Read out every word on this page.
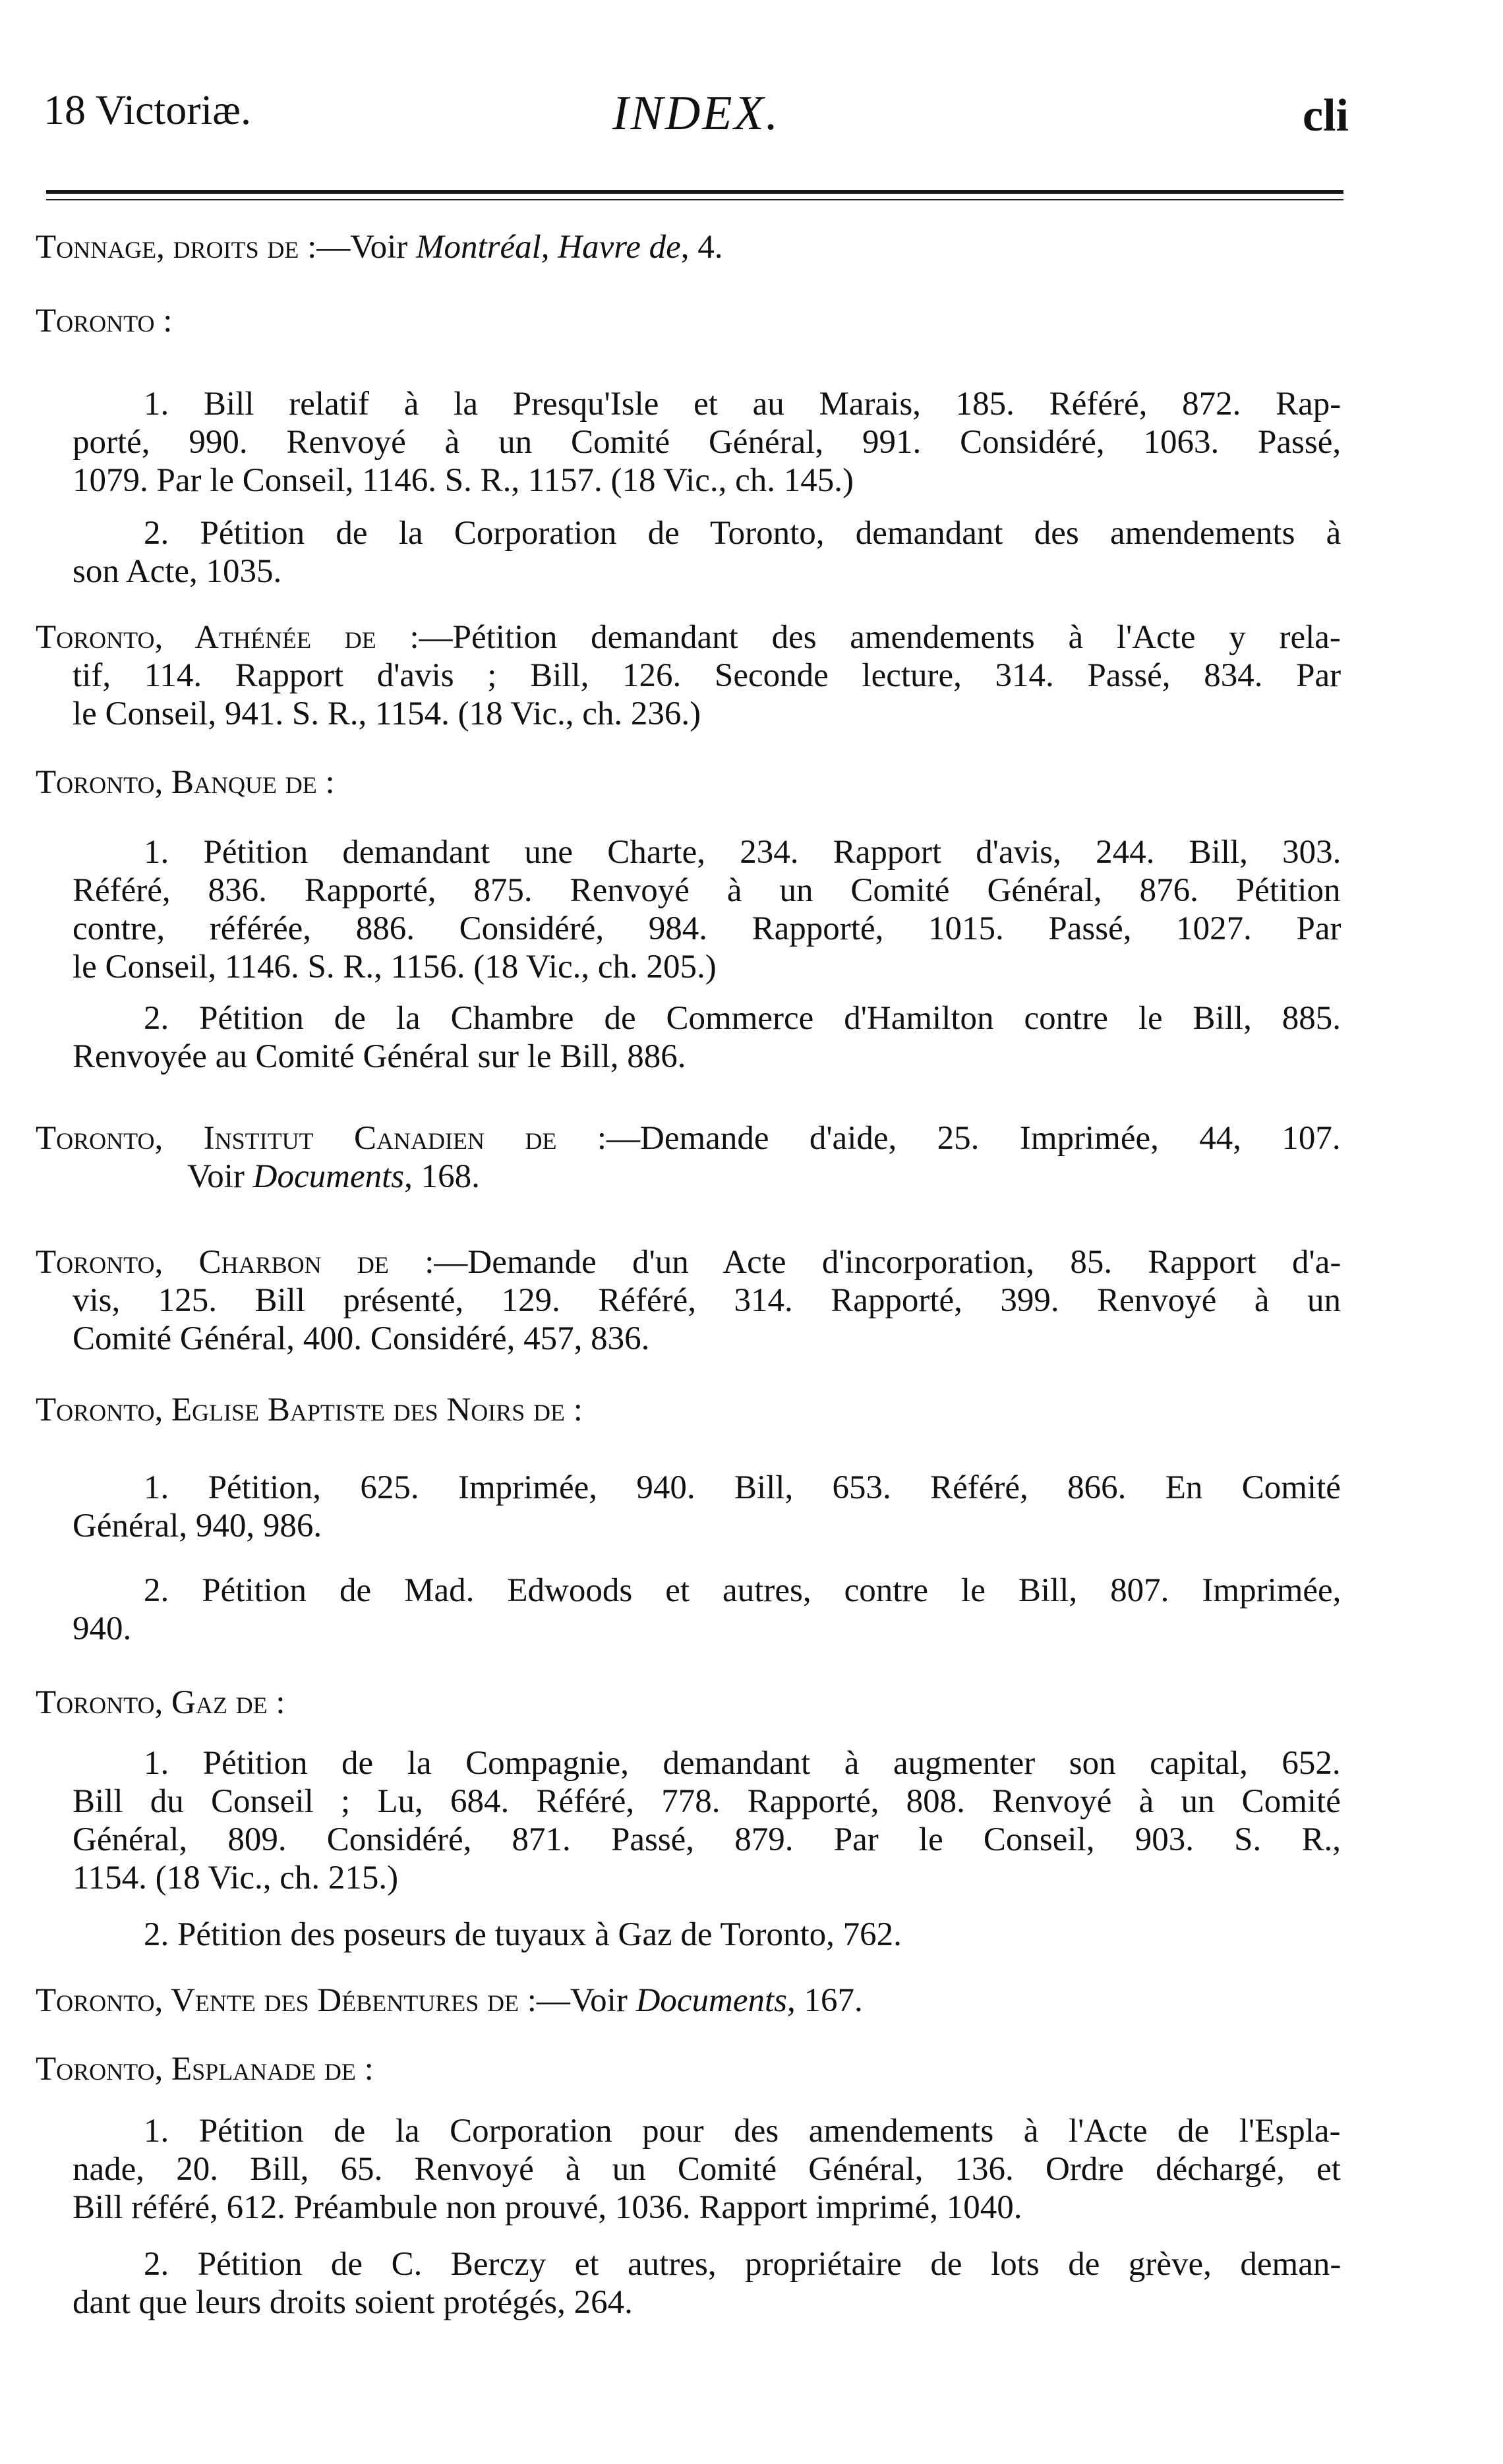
18 Victoriæ.	INDEX.	cli
Tonnage, droits de :—Voir Montréal, Havre de, 4.
Toronto :
1. Bill relatif à la Presqu'Isle et au Marais, 185. Référé, 872. Rap-
porté, 990. Renvoyé à un Comité Général, 991. Considéré, 1063. Passé,
1079. Par le Conseil, 1146. S. R., 1157. (18 Vic., ch. 145.)
2. Pétition de la Corporation de Toronto, demandant des amendements à
son Acte, 1035.
Toronto, Athénée de :—Pétition demandant des amendements à l'Acte y rela-
tif, 114. Rapport d'avis ; Bill, 126. Seconde lecture, 314. Passé, 834. Par
le Conseil, 941. S. R., 1154. (18 Vic., ch. 236.)
Toronto, Banque de :
1. Pétition demandant une Charte, 234. Rapport d'avis, 244. Bill, 303.
Référé, 836. Rapporté, 875. Renvoyé à un Comité Général, 876. Pétition
contre, référée, 886. Considéré, 984. Rapporté, 1015. Passé, 1027. Par
le Conseil, 1146. S. R., 1156. (18 Vic., ch. 205.)
2. Pétition de la Chambre de Commerce d'Hamilton contre le Bill, 885.
Renvoyée au Comité Général sur le Bill, 886.
Toronto, Institut Canadien de :—Demande d'aide, 25. Imprimée, 44, 107.
Voir Documents, 168.
Toronto, Charbon de :—Demande d'un Acte d'incorporation, 85. Rapport d'a-
vis, 125. Bill présenté, 129. Référé, 314. Rapporté, 399. Renvoyé à un
Comité Général, 400. Considéré, 457, 836.
Toronto, Eglise Baptiste des Noirs de :
1. Pétition, 625. Imprimée, 940. Bill, 653. Référé, 866. En Comité
Général, 940, 986.
2. Pétition de Mad. Edwoods et autres, contre le Bill, 807. Imprimée,
940.
Toronto, Gaz de :
1. Pétition de la Compagnie, demandant à augmenter son capital, 652.
Bill du Conseil ; Lu, 684. Référé, 778. Rapporté, 808. Renvoyé à un Comité
Général, 809. Considéré, 871. Passé, 879. Par le Conseil, 903. S. R.,
1154. (18 Vic., ch. 215.)
2. Pétition des poseurs de tuyaux à Gaz de Toronto, 762.
Toronto, Vente des Débentures de :—Voir Documents, 167.
Toronto, Esplanade de :
1. Pétition de la Corporation pour des amendements à l'Acte de l'Espla-
nade, 20. Bill, 65. Renvoyé à un Comité Général, 136. Ordre déchargé, et
Bill référé, 612. Préambule non prouvé, 1036. Rapport imprimé, 1040.
2. Pétition de C. Berczy et autres, propriétaire de lots de grève, deman-
dant que leurs droits soient protégés, 264.
